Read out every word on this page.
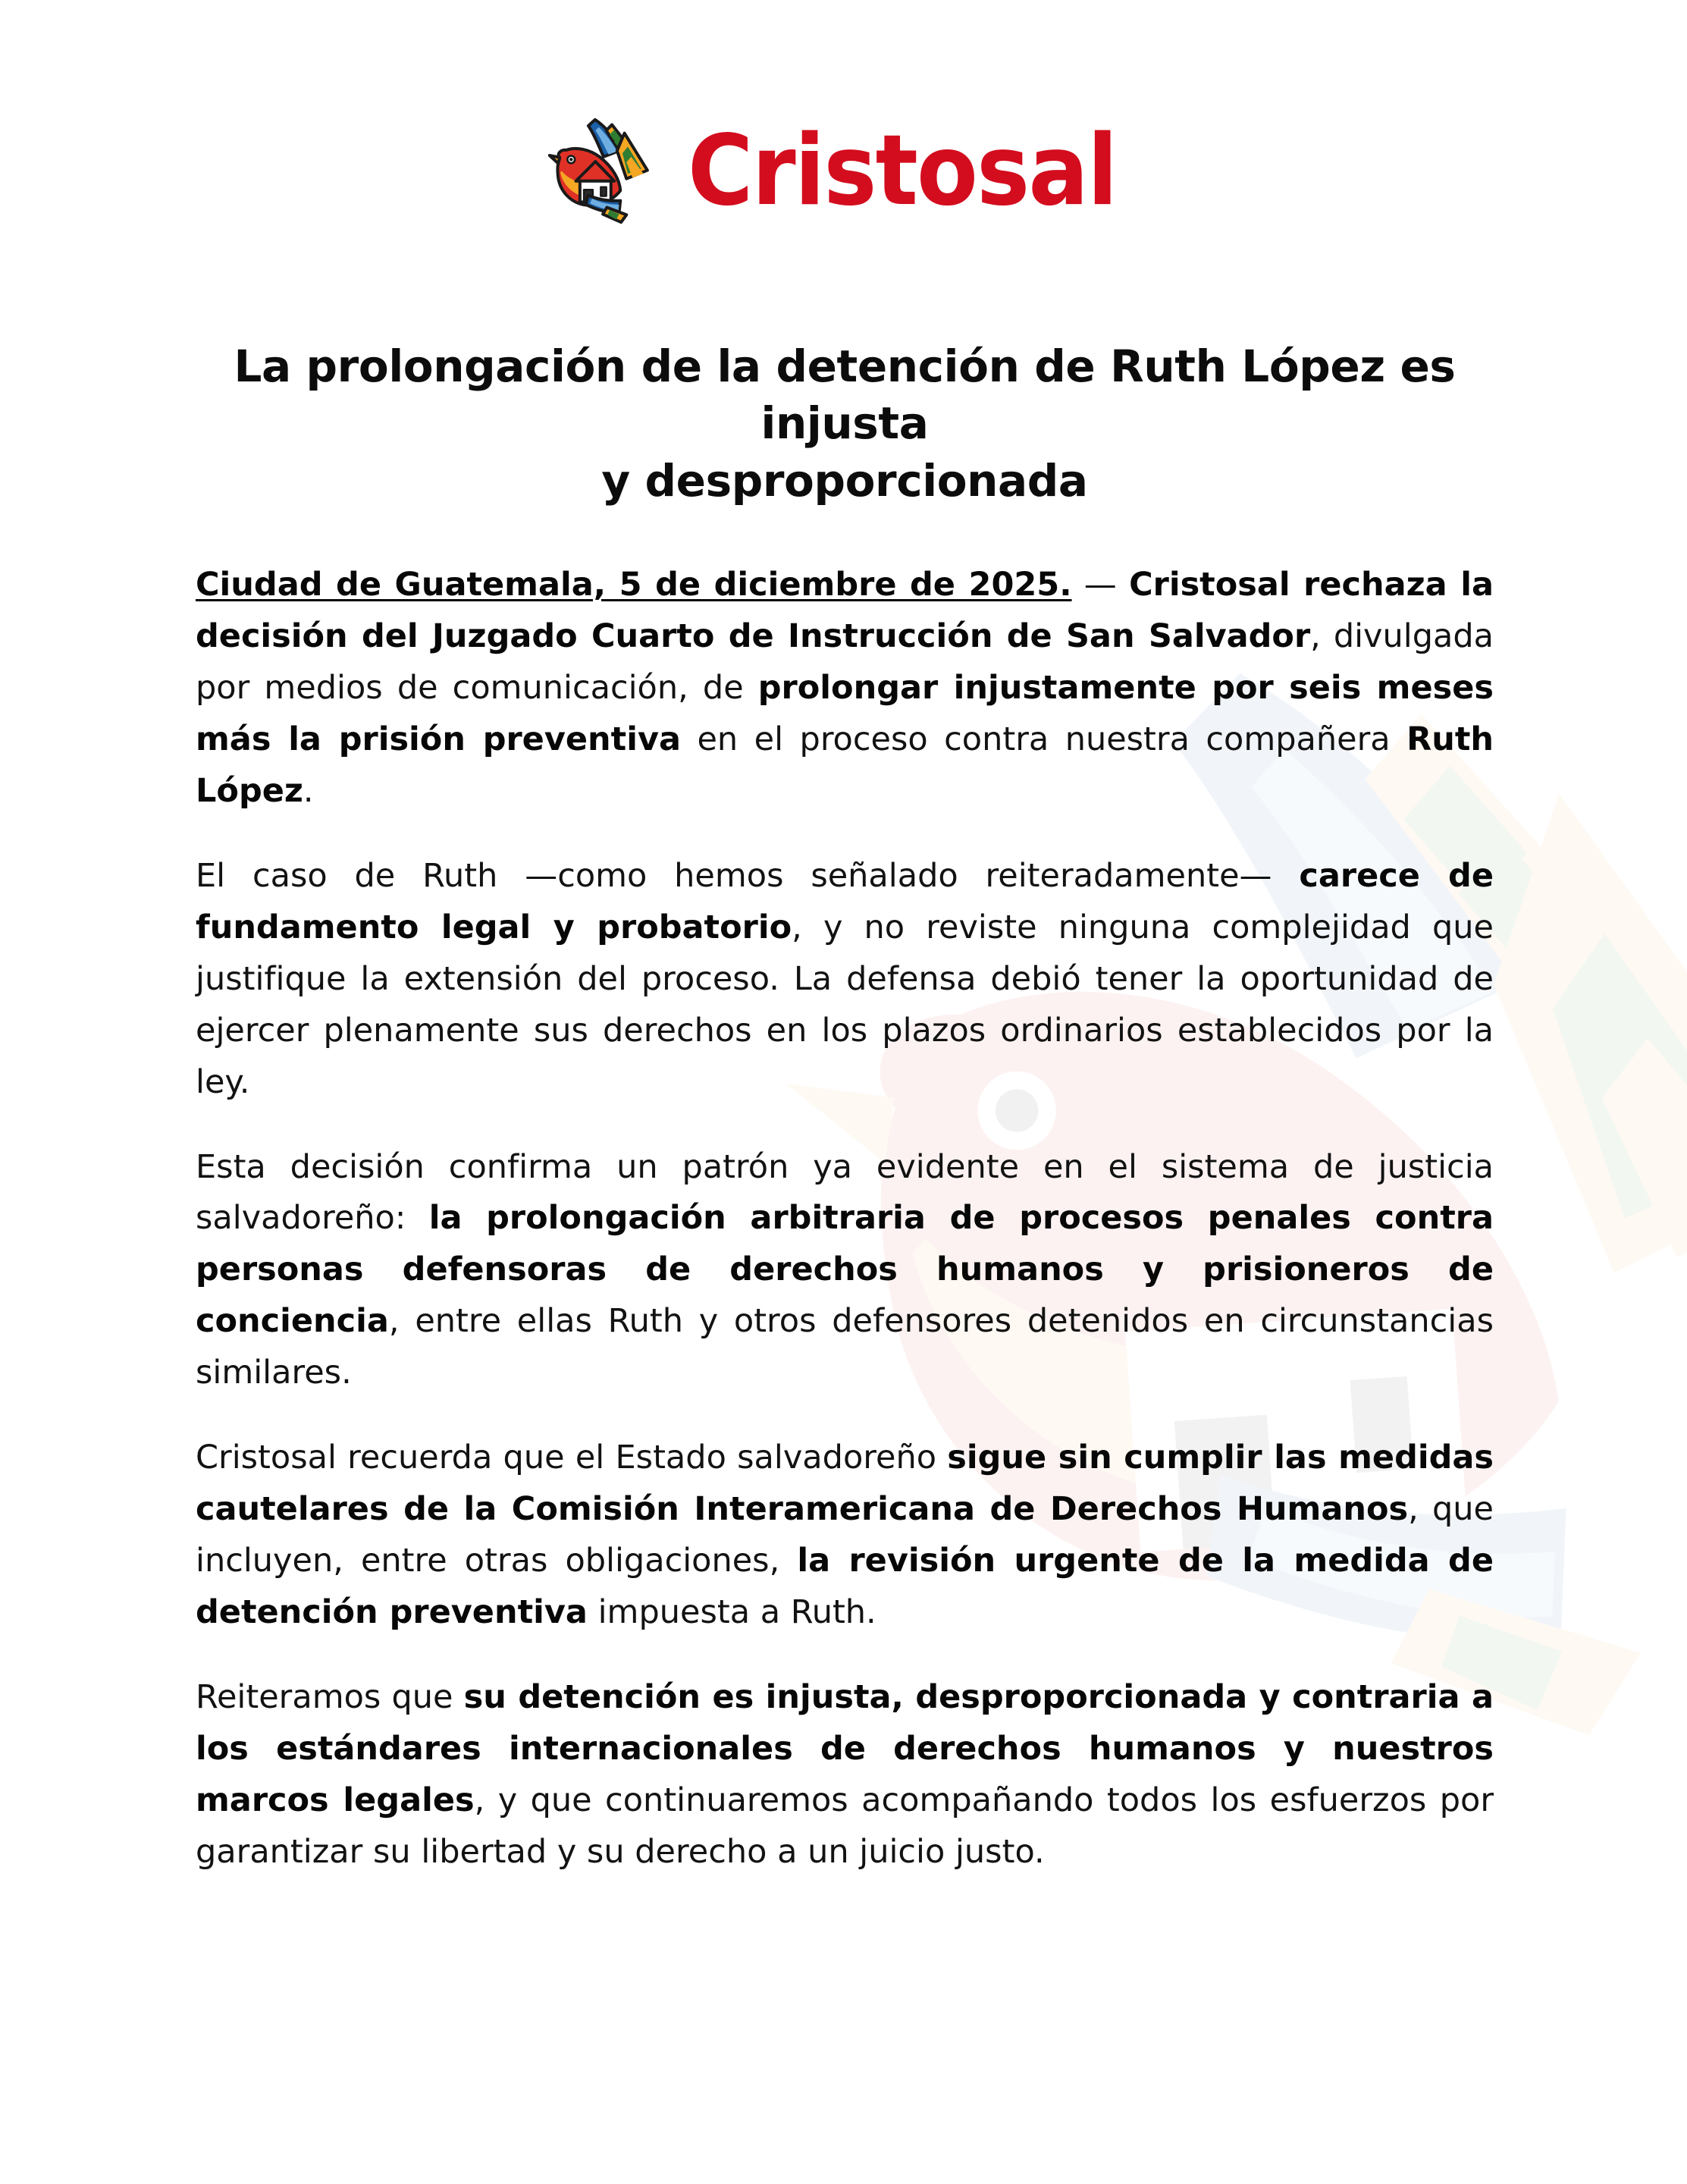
Cristosal
La prolongación de la detención de Ruth López es injusta
y desproporcionada

Ciudad de Guatemala, 5 de diciembre de 2025. — Cristosal rechaza la decisión del Juzgado Cuarto de Instrucción de San Salvador, divulgada por medios de comunicación, de prolongar injustamente por seis meses más la prisión preventiva en el proceso contra nuestra compañera Ruth López.

El caso de Ruth —como hemos señalado reiteradamente— carece de fundamento legal y probatorio, y no reviste ninguna complejidad que justifique la extensión del proceso. La defensa debió tener la oportunidad de ejercer plenamente sus derechos en los plazos ordinarios establecidos por la ley.

Esta decisión confirma un patrón ya evidente en el sistema de justicia salvadoreño: la prolongación arbitraria de procesos penales contra personas defensoras de derechos humanos y prisioneros de conciencia, entre ellas Ruth y otros defensores detenidos en circunstancias similares.

Cristosal recuerda que el Estado salvadoreño sigue sin cumplir las medidas cautelares de la Comisión Interamericana de Derechos Humanos, que incluyen, entre otras obligaciones, la revisión urgente de la medida de detención preventiva impuesta a Ruth.

Reiteramos que su detención es injusta, desproporcionada y contraria a los estándares internacionales de derechos humanos y nuestros marcos legales, y que continuaremos acompañando todos los esfuerzos por garantizar su libertad y su derecho a un juicio justo.
